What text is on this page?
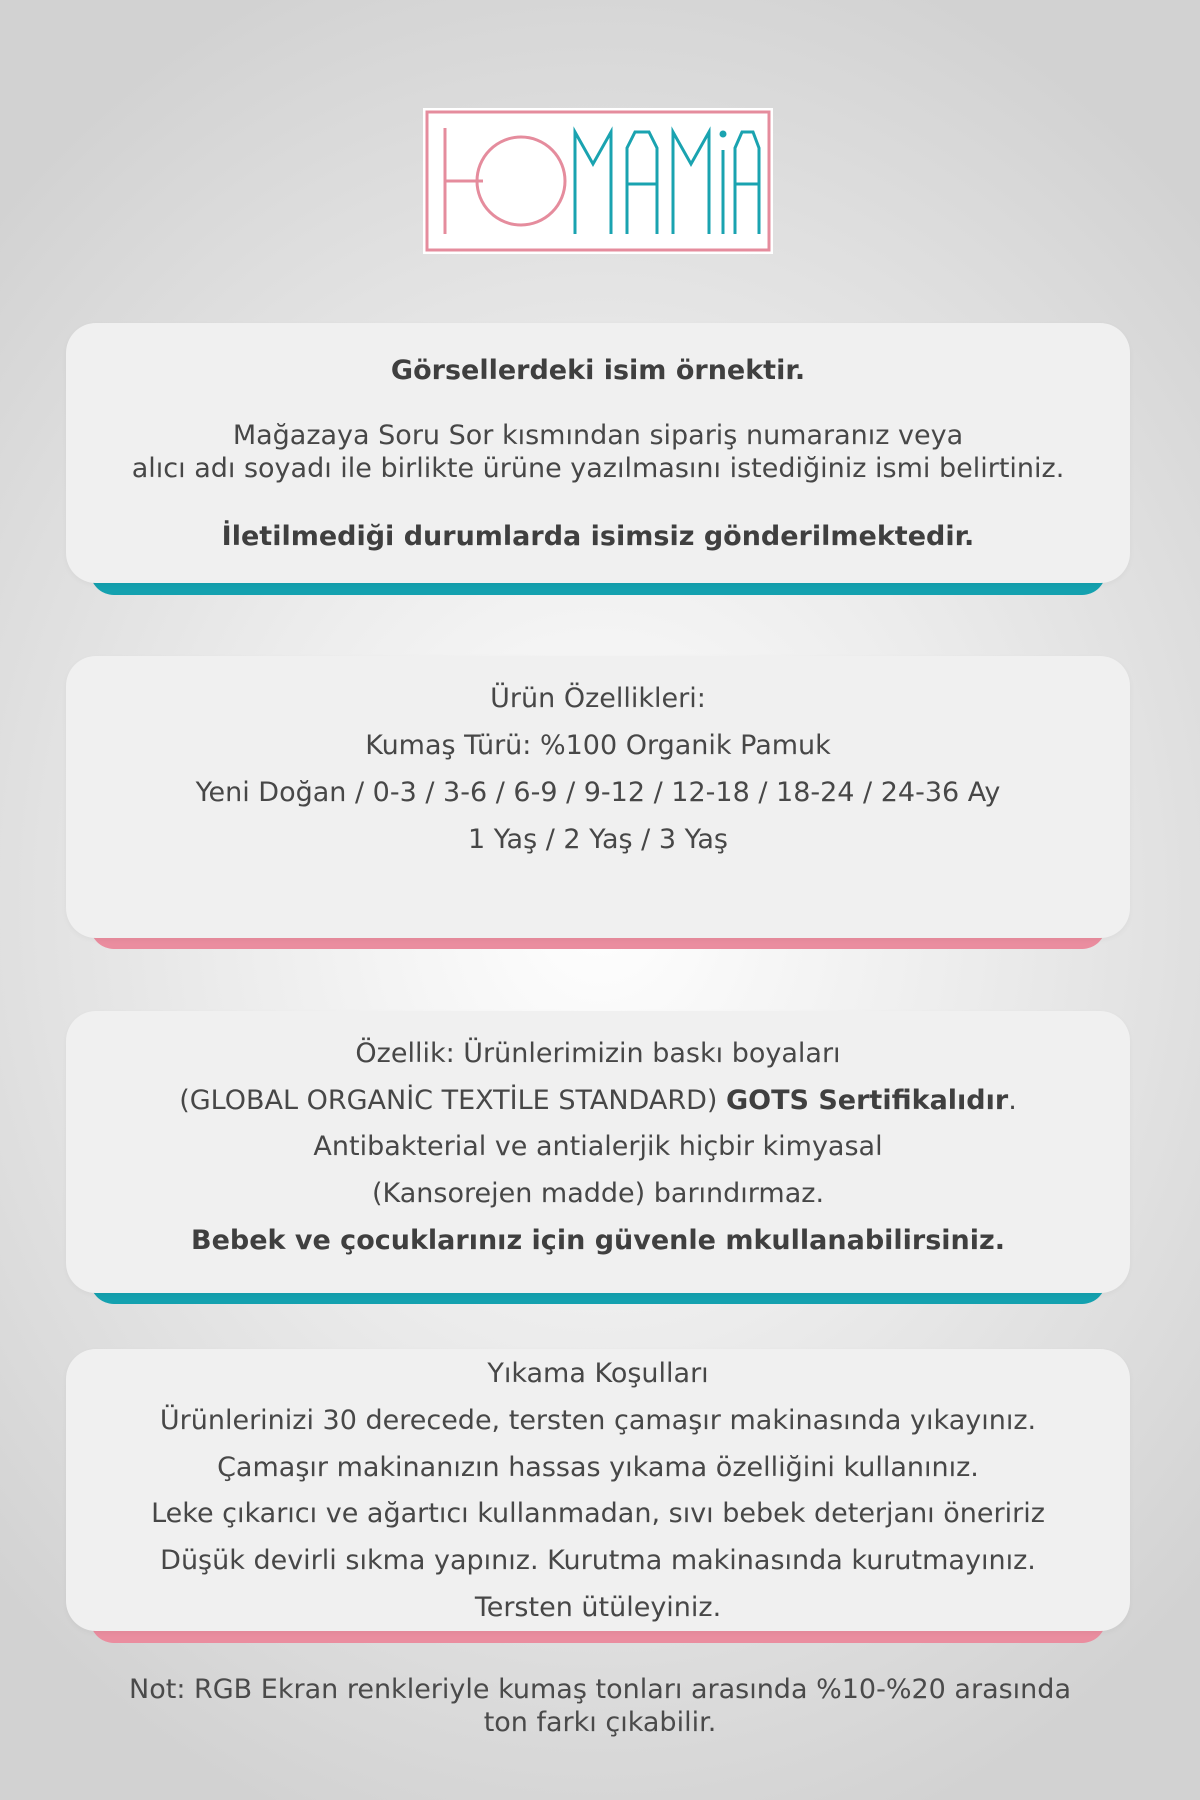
Görsellerdeki isim örnektir.
Mağazaya Soru Sor kısmından sipariş numaranız veya
alıcı adı soyadı ile birlikte ürüne yazılmasını istediğiniz ismi belirtiniz.
İletilmediği durumlarda isimsiz gönderilmektedir.
Ürün Özellikleri:
Kumaş Türü: %100 Organik Pamuk
Yeni Doğan / 0-3 / 3-6 / 6-9 / 9-12 / 12-18 / 18-24 / 24-36 Ay
1 Yaş / 2 Yaş / 3 Yaş
Özellik: Ürünlerimizin baskı boyaları
(GLOBAL ORGANİC TEXTİLE STANDARD) GOTS Sertifikalıdır.
Antibakterial ve antialerjik hiçbir kimyasal
(Kansorejen madde) barındırmaz.
Bebek ve çocuklarınız için güvenle mkullanabilirsiniz.
Yıkama Koşulları
Ürünlerinizi 30 derecede, tersten çamaşır makinasında yıkayınız.
Çamaşır makinanızın hassas yıkama özelliğini kullanınız.
Leke çıkarıcı ve ağartıcı kullanmadan, sıvı bebek deterjanı öneririz
Düşük devirli sıkma yapınız. Kurutma makinasında kurutmayınız.
Tersten ütüleyiniz.
Not: RGB Ekran renkleriyle kumaş tonları arasında %10-%20 arasında
ton farkı çıkabilir.
